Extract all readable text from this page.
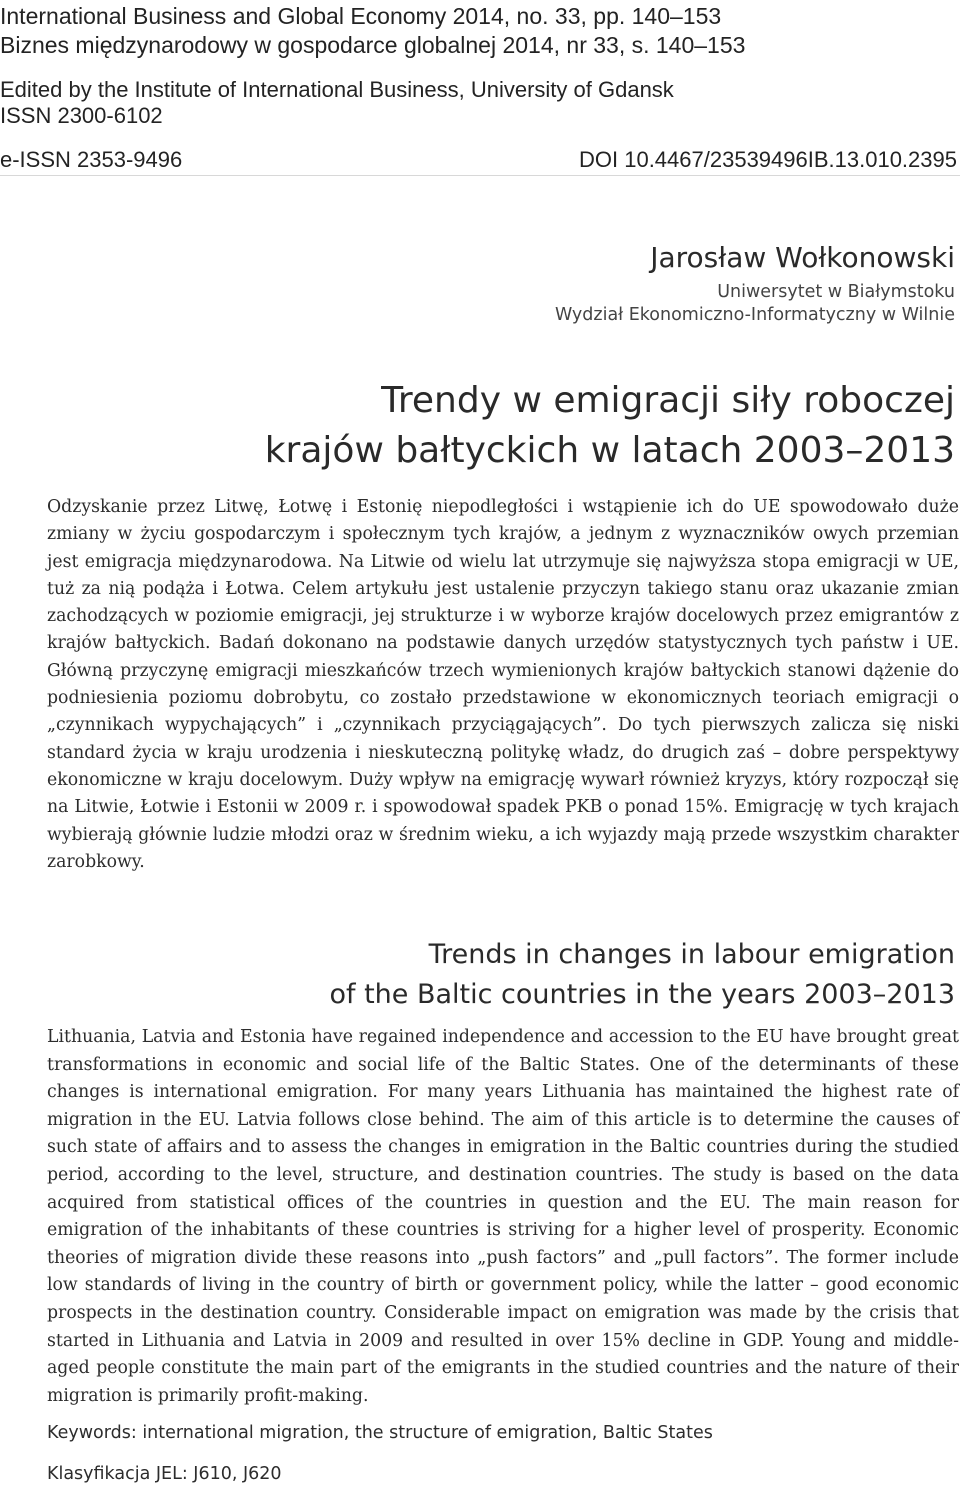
International Business and Global Economy 2014, no. 33, pp. 140–153
Biznes międzynarodowy w gospodarce globalnej 2014, nr 33, s. 140–153
Edited by the Institute of International Business, University of Gdansk
ISSN 2300-6102
e-ISSN 2353-9496	DOI 10.4467/23539496IB.13.010.2395
Jarosław Wołkonowski
Uniwersytet w Białymstoku
Wydział Ekonomiczno-Informatyczny w Wilnie
Trendy w emigracji siły roboczej
krajów bałtyckich w latach 2003–2013
Odzyskanie przez Litwę, Łotwę i Estonię niepodległości i wstąpienie ich do UE spowodowało duże zmiany w życiu gospodarczym i społecznym tych krajów, a jednym z wyznaczników owych przemian jest emigracja międzynarodowa. Na Litwie od wielu lat utrzymuje się najwyższa stopa emigracji w UE, tuż za nią podąża i Łotwa. Celem artykułu jest ustalenie przyczyn takiego stanu oraz ukazanie zmian zachodzących w poziomie emigracji, jej strukturze i w wyborze krajów docelowych przez emigrantów z krajów bałtyckich. Badań dokonano na podstawie danych urzędów statystycznych tych państw i UE. Główną przyczynę emigracji mieszkańców trzech wymienionych krajów bałtyckich stanowi dążenie do podniesienia poziomu dobrobytu, co zostało przedstawione w ekonomicznych teoriach emigracji o „czynnikach wypychających” i „czynnikach przyciągających”. Do tych pierwszych zalicza się niski standard życia w kraju urodzenia i nieskuteczną politykę władz, do drugich zaś – dobre perspektywy ekonomiczne w kraju docelowym. Duży wpływ na emigrację wywarł również kryzys, który rozpoczął się na Litwie, Łotwie i Estonii w 2009 r. i spowodował spadek PKB o ponad 15%. Emigrację w tych krajach wybierają głównie ludzie młodzi oraz w średnim wieku, a ich wyjazdy mają przede wszystkim charakter zarobkowy.
Trends in changes in labour emigration
of the Baltic countries in the years 2003–2013
Lithuania, Latvia and Estonia have regained independence and accession to the EU have brought great transformations in economic and social life of the Baltic States. One of the determinants of these changes is international emigration. For many years Lithuania has maintained the highest rate of migration in the EU. Latvia follows close behind. The aim of this article is to determine the causes of such state of affairs and to assess the changes in emigration in the Baltic countries during the studied period, according to the level, structure, and destination countries. The study is based on the data acquired from statistical offices of the countries in question and the EU. The main reason for emigration of the inhabitants of these countries is striving for a higher level of prosperity. Economic theories of migration divide these reasons into „push factors” and „pull factors”. The former include low standards of living in the country of birth or government policy, while the latter – good economic prospects in the destination country. Considerable impact on emigration was made by the crisis that started in Lithuania and Latvia in 2009 and resulted in over 15% decline in GDP. Young and middle-aged people constitute the main part of the emigrants in the studied countries and the nature of their migration is primarily profit-making.
Keywords: international migration, the structure of emigration, Baltic States
Klasyfikacja JEL: J610, J620
